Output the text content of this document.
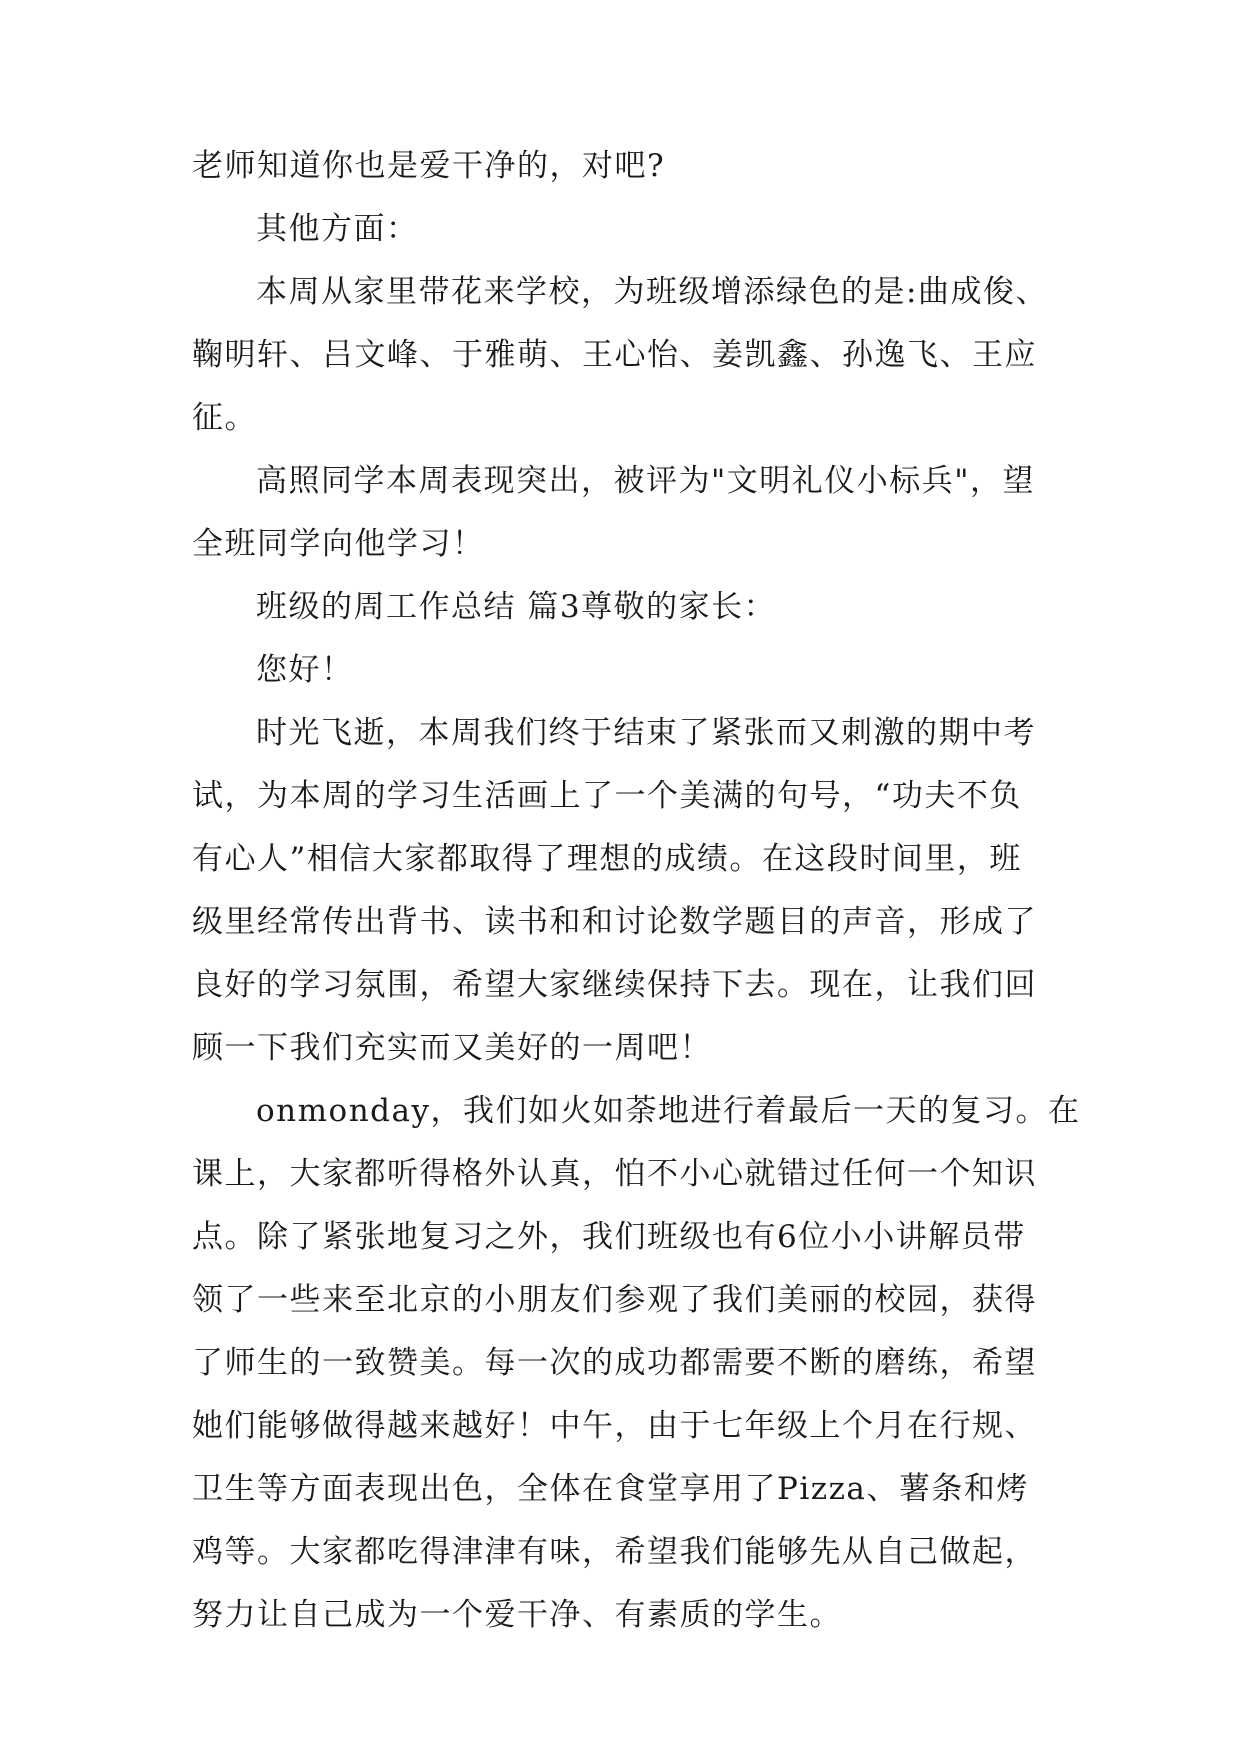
老师知道你也是爱干净的，对吧?

其他方面：

本周从家里带花来学校，为班级增添绿色的是:曲成俊、

鞠明轩、吕文峰、于雅萌、王心怡、姜凯鑫、孙逸飞、王应

征。

高照同学本周表现突出，被评为"文明礼仪小标兵"，望

全班同学向他学习！

班级的周工作总结 篇3尊敬的家长：

您好！

时光飞逝，本周我们终于结束了紧张而又刺激的期中考

试，为本周的学习生活画上了一个美满的句号，“功夫不负

有心人”相信大家都取得了理想的成绩。在这段时间里，班

级里经常传出背书、读书和和讨论数学题目的声音，形成了

良好的学习氛围，希望大家继续保持下去。现在，让我们回

顾一下我们充实而又美好的一周吧！

onmonday，我们如火如荼地进行着最后一天的复习。在

课上，大家都听得格外认真，怕不小心就错过任何一个知识

点。除了紧张地复习之外，我们班级也有6位小小讲解员带

领了一些来至北京的小朋友们参观了我们美丽的校园，获得

了师生的一致赞美。每一次的成功都需要不断的磨练，希望

她们能够做得越来越好！中午，由于七年级上个月在行规、

卫生等方面表现出色，全体在食堂享用了Pizza、薯条和烤

鸡等。大家都吃得津津有味，希望我们能够先从自己做起，

努力让自己成为一个爱干净、有素质的学生。
